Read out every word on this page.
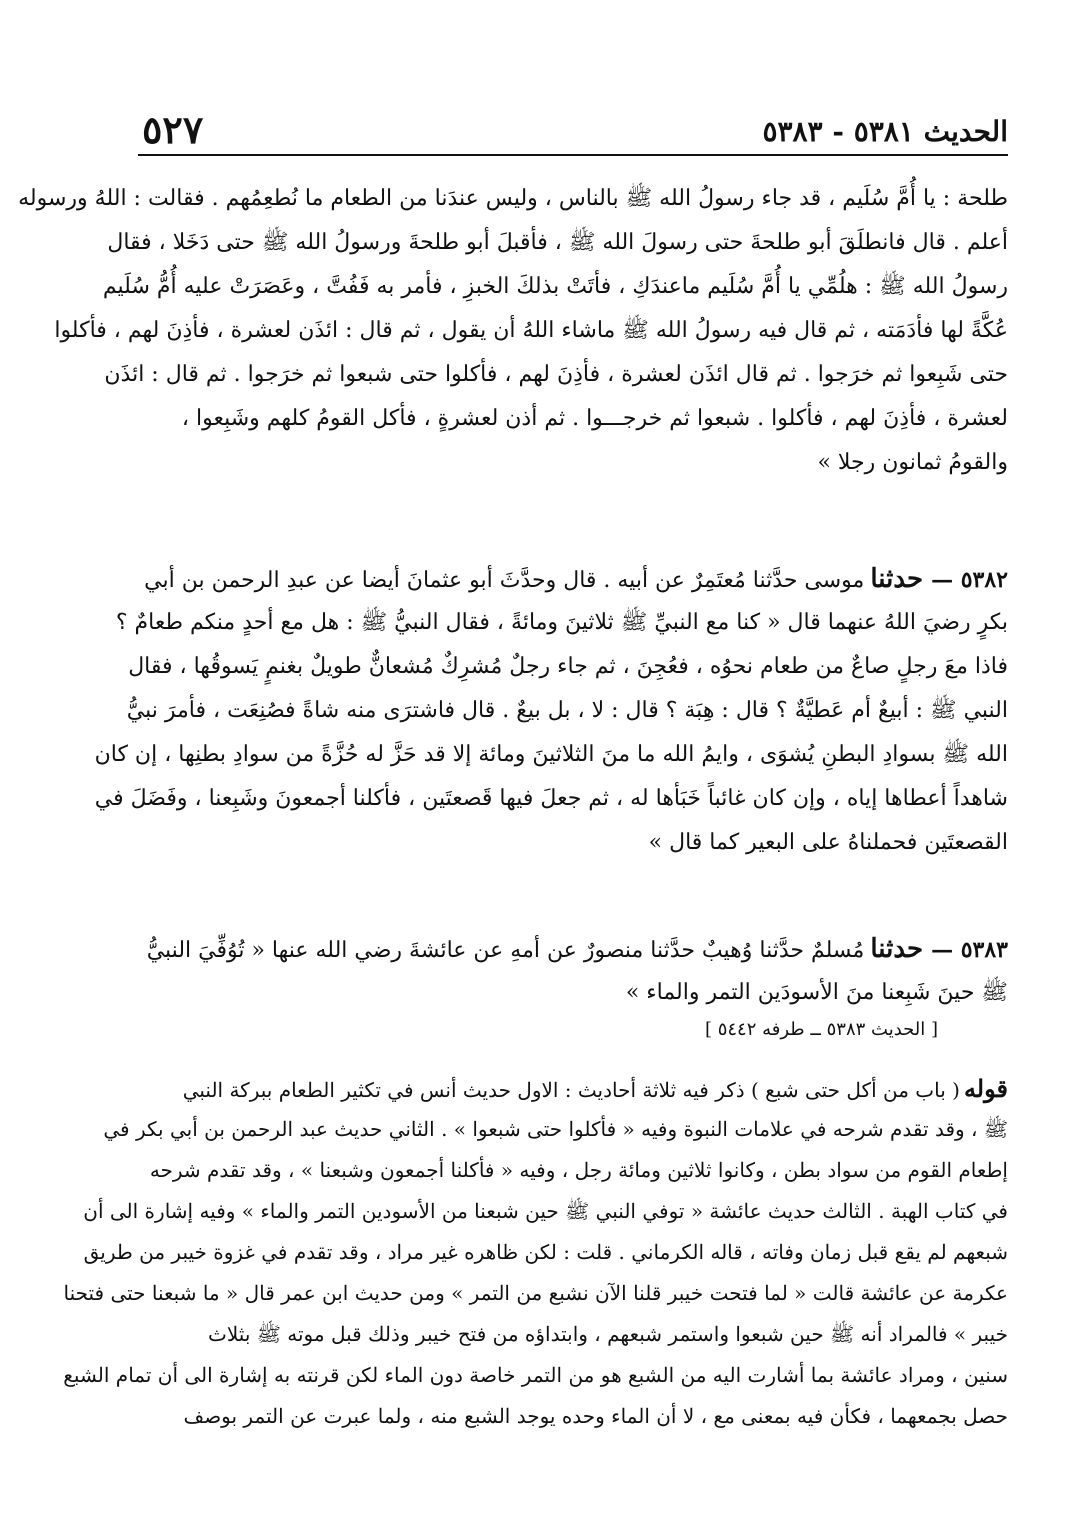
الحديث ٥٣٨١ - ٥٣٨٣
٥٢٧
طلحة : يا أُمَّ سُلَيم ، قد جاء رسولُ الله ﷺ بالناس ، وليس عندَنا من الطعام ما نُطعِمُهم . فقالت : اللهُ ورسوله
أعلم . قال فانطلَقَ أبو طلحةَ حتى رسولَ الله ﷺ ، فأقبلَ أبو طلحةَ ورسولُ الله ﷺ حتى دَخَلا ، فقال
رسولُ الله ﷺ : هلُمِّي يا أُمَّ سُلَيم ماعندَكِ ، فأتَتْ بذلكَ الخبزِ ، فأمر به فَفُتَّ ، وعَصَرَتْ عليه أُمُّ سُلَيم
عُكَّةً لها فأدَمَته ، ثم قال فيه رسولُ الله ﷺ ماشاء اللهُ أن يقول ، ثم قال : ائذَن لعشرة ، فأذِنَ لهم ، فأكلوا
حتى شَبِعوا ثم خرَجوا . ثم قال ائذَن لعشرة ، فأذِنَ لهم ، فأكلوا حتى شبعوا ثم خرَجوا . ثم قال : ائذَن
لعشرة ، فأذِنَ لهم ، فأكلوا . شبعوا ثم خرجـــوا . ثم أذن لعشرةٍ ، فأكل القومُ كلهم وشَبِعوا ،
والقومُ ثمانون رجلا »
٥٣٨٢ —حدثناموسى حدَّثنا مُعتَمِرٌ عن أبيه . قال وحدَّثَ أبو عثمانَ أيضا عن عبدِ الرحمن بن أبي
بكرٍ رضيَ اللهُ عنهما قال « كنا مع النبيِّ ﷺ ثلاثينَ ومائةً ، فقال النبيُّ ﷺ : هل مع أحدٍ منكم طعامٌ ؟
فاذا معَ رجلٍ صاعٌ من طعام نحوُه ، فعُجِنَ ، ثم جاء رجلٌ مُشرِكٌ مُشعانٌّ طويلٌ بغنمٍ يَسوقُها ، فقال
النبي ﷺ : أبيعٌ أم عَطيَّةٌ ؟ قال : هِبَة ؟ قال : لا ، بل بيعٌ . قال فاشترَى منه شاةً فصُنِعَت ، فأمرَ نبيُّ
الله ﷺ بسوادِ البطنِ يُشوَى ، وايمُ الله ما منَ الثلاثينَ ومائة إلا قد حَزَّ له حُزَّةً من سوادِ بطنِها ، إن كان
شاهداً أعطاها إياه ، وإن كان غائباً خَبَأها له ، ثم جعلَ فيها قَصعتَين ، فأكلنا أجمعونَ وشَبِعنا ، وفَضَلَ في
القصعتَين فحملناهُ على البعير كما قال »
٥٣٨٣ —حدثنامُسلمٌ حدَّثنا وُهيبٌ حدَّثنا منصورٌ عن أمهِ عن عائشةَ رضي الله عنها « تُوُفِّيَ النبيُّ
ﷺ حينَ شَبِعنا منَ الأسودَين التمر والماء »
[ الحديث ٥٣٨٣ ــ طرفه ٥٤٤٢ ]
قوله( باب من أكل حتى شبع ) ذكر فيه ثلاثة أحاديث : الاول حديث أنس في تكثير الطعام ببركة النبي
ﷺ ، وقد تقدم شرحه في علامات النبوة وفيه « فأكلوا حتى شبعوا » . الثاني حديث عبد الرحمن بن أبي بكر في
إطعام القوم من سواد بطن ، وكانوا ثلاثين ومائة رجل ، وفيه « فأكلنا أجمعون وشبعنا » ، وقد تقدم شرحه
في كتاب الهبة . الثالث حديث عائشة « توفي النبي ﷺ حين شبعنا من الأسودين التمر والماء » وفيه إشارة الى أن
شبعهم لم يقع قبل زمان وفاته ، قاله الكرماني . قلت : لكن ظاهره غير مراد ، وقد تقدم في غزوة خيبر من طريق
عكرمة عن عائشة قالت « لما فتحت خيبر قلنا الآن نشبع من التمر » ومن حديث ابن عمر قال « ما شبعنا حتى فتحنا
خيبر » فالمراد أنه ﷺ حين شبعوا واستمر شبعهم ، وابتداؤه من فتح خيبر وذلك قبل موته ﷺ بثلاث
سنين ، ومراد عائشة بما أشارت اليه من الشبع هو من التمر خاصة دون الماء لكن قرنته به إشارة الى أن تمام الشبع
حصل بجمعهما ، فكأن فيه بمعنى مع ، لا أن الماء وحده يوجد الشبع منه ، ولما عبرت عن التمر بوصف
